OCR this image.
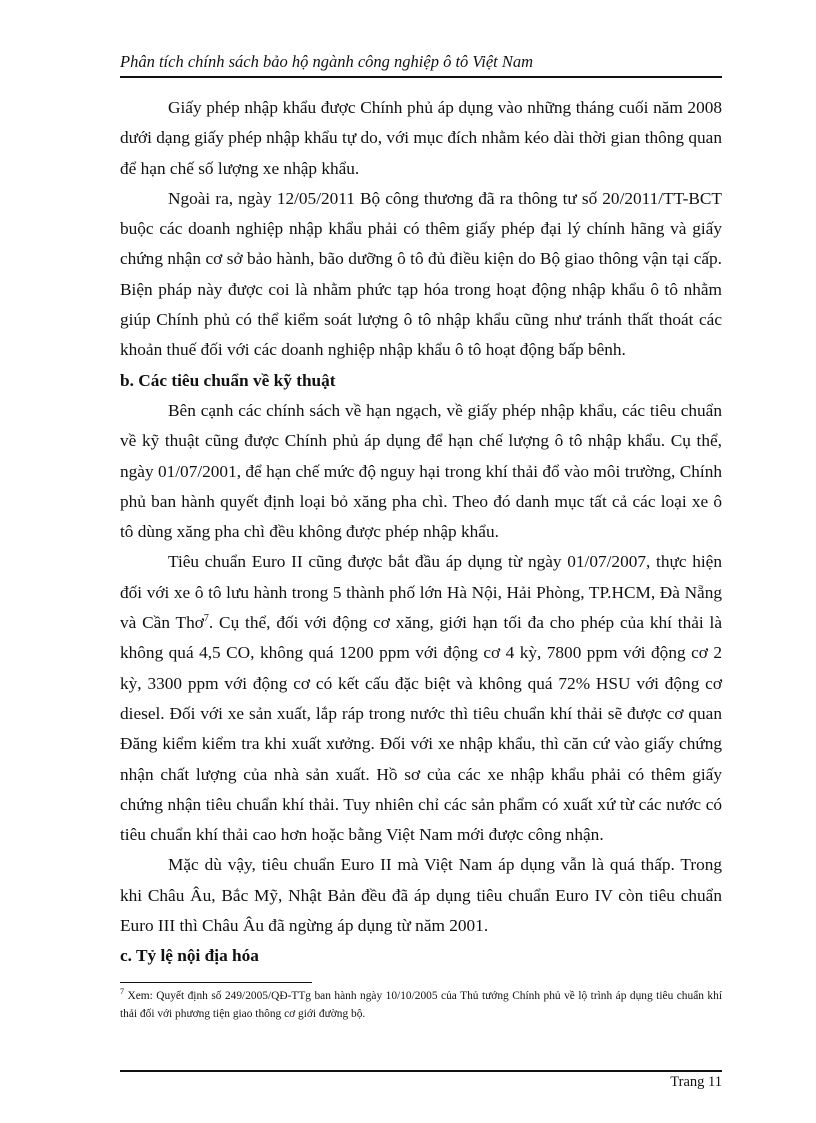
Phân tích chính sách bảo hộ ngành công nghiệp ô tô Việt Nam

Giấy phép nhập khẩu được Chính phủ áp dụng vào những tháng cuối năm 2008 dưới dạng giấy phép nhập khẩu tự do, với mục đích nhằm kéo dài thời gian thông quan để hạn chế số lượng xe nhập khẩu.

Ngoài ra, ngày 12/05/2011 Bộ công thương đã ra thông tư số 20/2011/TT-BCT buộc các doanh nghiệp nhập khẩu phải có thêm giấy phép đại lý chính hãng và giấy chứng nhận cơ sở bảo hành, bão dưỡng ô tô đủ điều kiện do Bộ giao thông vận tại cấp. Biện pháp này được coi là nhằm phức tạp hóa trong hoạt động nhập khẩu ô tô nhằm giúp Chính phủ có thể kiểm soát lượng ô tô nhập khẩu cũng như tránh thất thoát các khoản thuế đối với các doanh nghiệp nhập khẩu ô tô hoạt động bấp bênh.

b. Các tiêu chuẩn về kỹ thuật

Bên cạnh các chính sách về hạn ngạch, về giấy phép nhập khẩu, các tiêu chuẩn về kỹ thuật cũng được Chính phủ áp dụng để hạn chế lượng ô tô nhập khẩu. Cụ thể, ngày 01/07/2001, để hạn chế mức độ nguy hại trong khí thải đổ vào môi trường, Chính phủ ban hành quyết định loại bỏ xăng pha chì. Theo đó danh mục tất cả các loại xe ô tô dùng xăng pha chì đều không được phép nhập khẩu.

Tiêu chuẩn Euro II cũng được bắt đầu áp dụng từ ngày 01/07/2007, thực hiện đối với xe ô tô lưu hành trong 5 thành phố lớn Hà Nội, Hải Phòng, TP.HCM, Đà Nẵng và Cần Thơ$^7$. Cụ thể, đối với động cơ xăng, giới hạn tối đa cho phép của khí thải là không quá 4,5 CO, không quá 1200 ppm với động cơ 4 kỳ, 7800 ppm với động cơ 2 kỳ, 3300 ppm với động cơ có kết cấu đặc biệt và không quá 72% HSU với động cơ diesel. Đối với xe sản xuất, lắp ráp trong nước thì tiêu chuẩn khí thải sẽ được cơ quan Đăng kiểm kiểm tra khi xuất xưởng. Đối với xe nhập khẩu, thì căn cứ vào giấy chứng nhận chất lượng của nhà sản xuất. Hồ sơ của các xe nhập khẩu phải có thêm giấy chứng nhận tiêu chuẩn khí thải. Tuy nhiên chỉ các sản phẩm có xuất xứ từ các nước có tiêu chuẩn khí thải cao hơn hoặc bằng Việt Nam mới được công nhận.

Mặc dù vậy, tiêu chuẩn Euro II mà Việt Nam áp dụng vẫn là quá thấp. Trong khi Châu Âu, Bắc Mỹ, Nhật Bản đều đã áp dụng tiêu chuẩn Euro IV còn tiêu chuẩn Euro III thì Châu Âu đã ngừng áp dụng từ năm 2001.

c. Tỷ lệ nội địa hóa
$^7$ Xem: Quyết định số 249/2005/QĐ-TTg ban hành ngày 10/10/2005 của Thủ tướng Chính phủ về lộ trình áp dụng tiêu chuẩn khí thải đối với phương tiện giao thông cơ giới đường bộ.
Trang 11
